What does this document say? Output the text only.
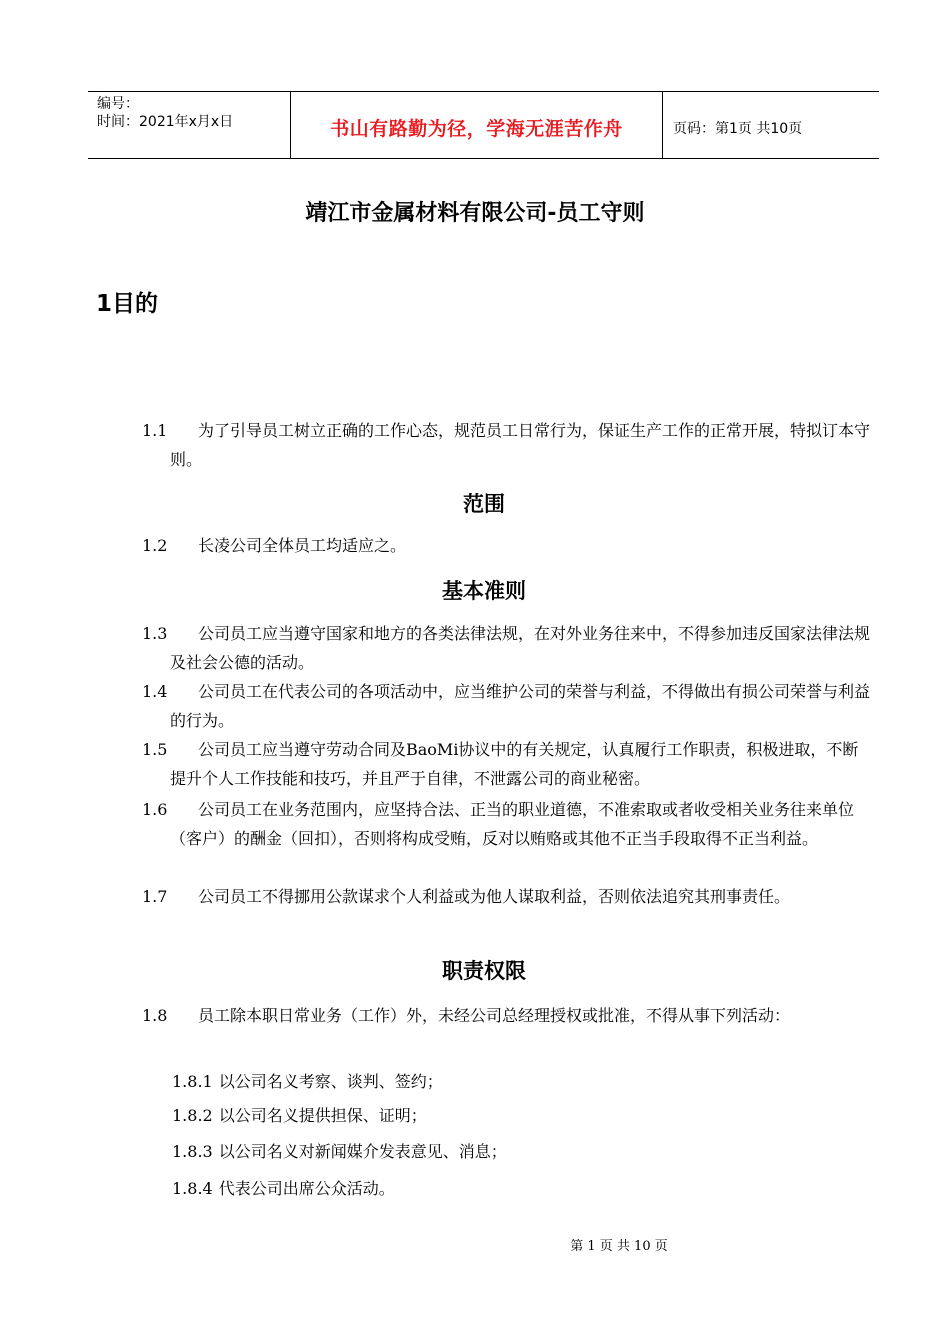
编号：
时间：2021年x月x日	书山有路勤为径，学海无涯苦作舟	页码：第1页 共10页
靖江市金属材料有限公司-员工守则
1目的
1.1	为了引导员工树立正确的工作心态，规范员工日常行为，保证生产工作的正常开展，特拟订本守则。
范围
1.2	长凌公司全体员工均适应之。
基本准则
1.3	公司员工应当遵守国家和地方的各类法律法规，在对外业务往来中，不得参加违反国家法律法规及社会公德的活动。
1.4	公司员工在代表公司的各项活动中，应当维护公司的荣誉与利益，不得做出有损公司荣誉与利益的行为。
1.5	公司员工应当遵守劳动合同及BaoMi协议中的有关规定，认真履行工作职责，积极进取，不断提升个人工作技能和技巧，并且严于自律，不泄露公司的商业秘密。
1.6	公司员工在业务范围内，应坚持合法、正当的职业道德，不准索取或者收受相关业务往来单位（客户）的酬金（回扣），否则将构成受贿，反对以贿赂或其他不正当手段取得不正当利益。
1.7	公司员工不得挪用公款谋求个人利益或为他人谋取利益，否则依法追究其刑事责任。
职责权限
1.8	员工除本职日常业务（工作）外，未经公司总经理授权或批准，不得从事下列活动：
1.8.1 以公司名义考察、谈判、签约；
1.8.2 以公司名义提供担保、证明；
1.8.3 以公司名义对新闻媒介发表意见、消息；
1.8.4 代表公司出席公众活动。
第 1 页 共 10 页
